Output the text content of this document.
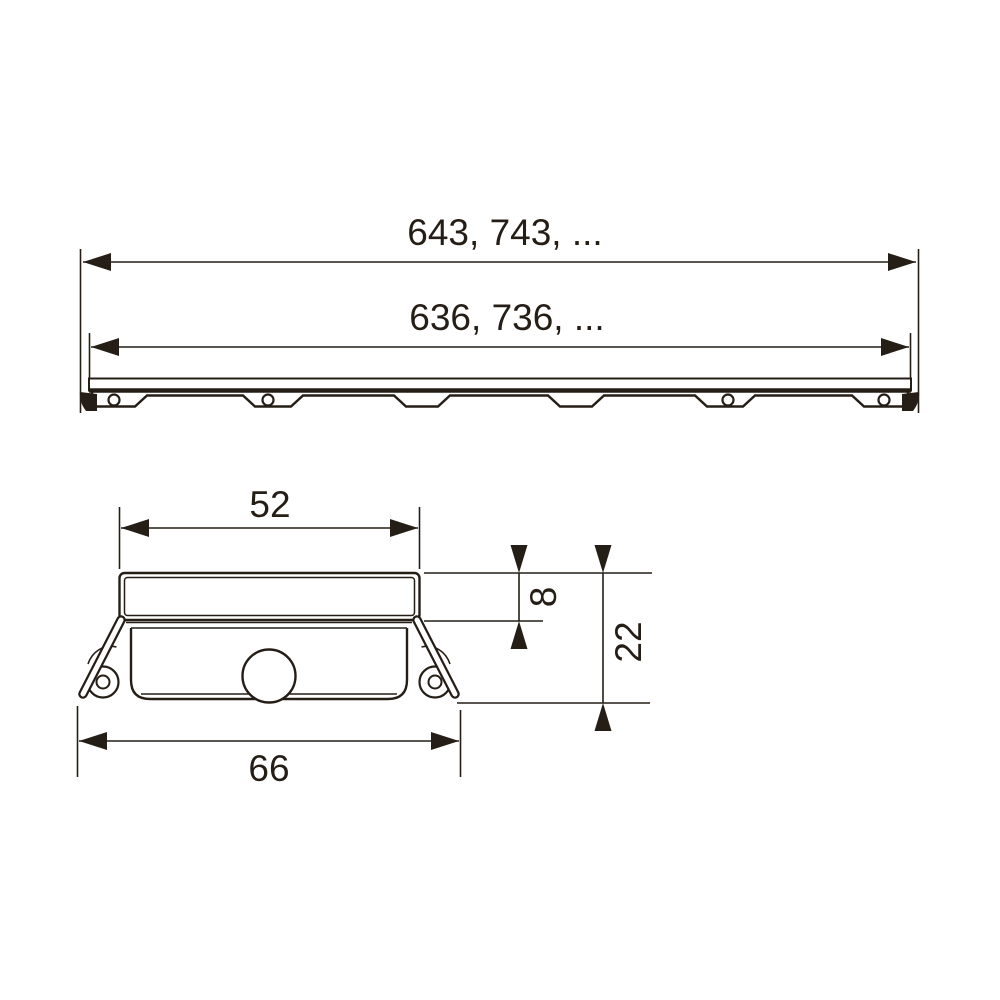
643, 743, ...
636, 736, ...
52
8
22
66
